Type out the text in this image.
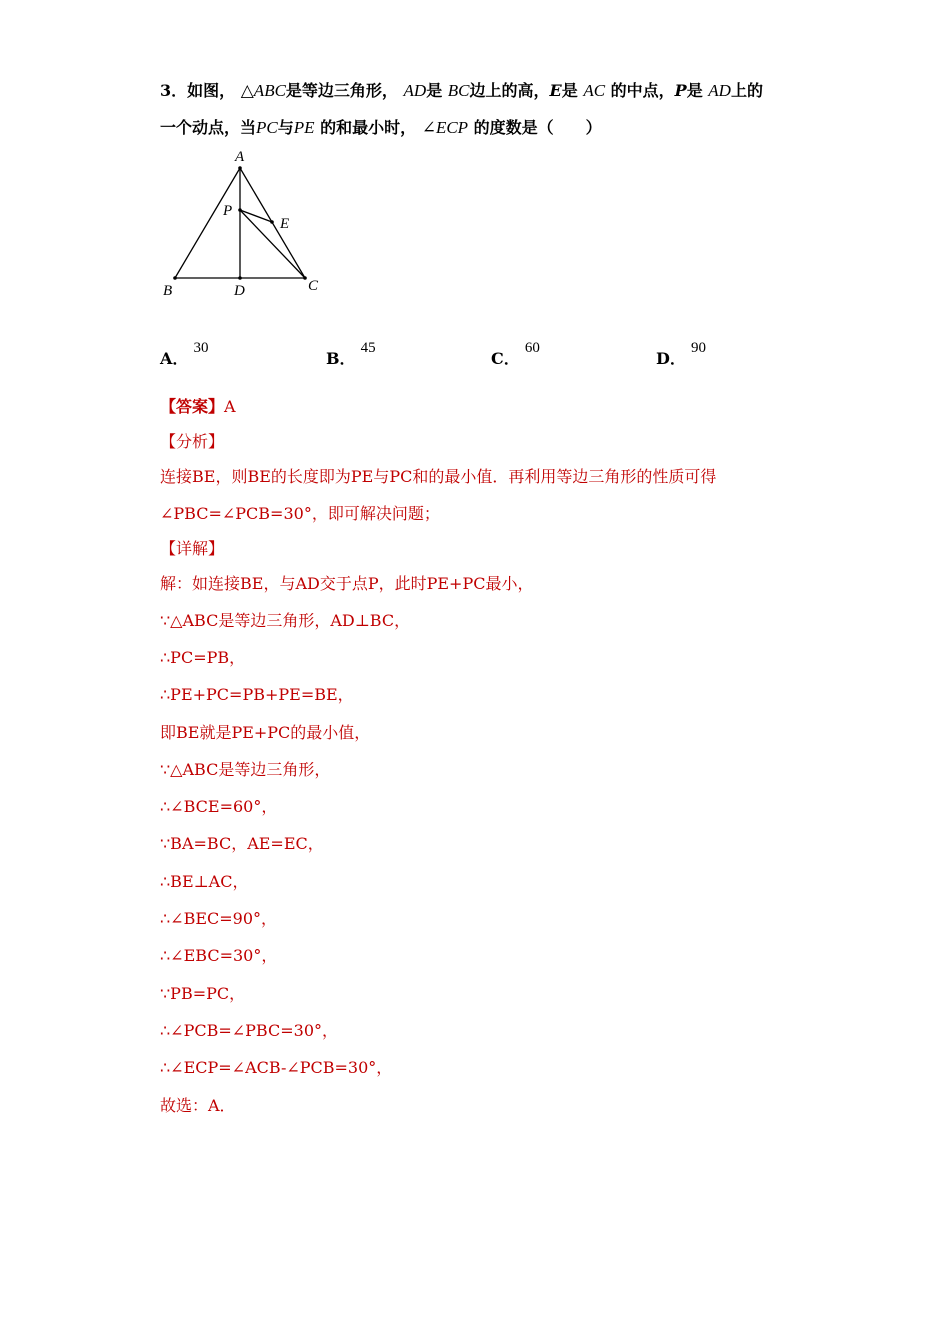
3．如图， △ABC是等边三角形， AD是 BC边上的高，E是 AC 的中点，P是 AD上的
一个动点，当PC与PE 的和最小时， ∠ECP 的度数是（　　）
A
B	C
D
E
P
A． 30
B． 45
C． 60
D． 90
【答案】A
【分析】
连接BE，则BE的长度即为PE与PC和的最小值．再利用等边三角形的性质可得
∠PBC=∠PCB=30°，即可解决问题；
【详解】
解：如连接BE，与AD交于点P，此时PE+PC最小，
∵△ABC是等边三角形，AD⊥BC，
∴PC=PB，
∴PE+PC=PB+PE=BE，
即BE就是PE+PC的最小值，
∵△ABC是等边三角形，
∴∠BCE=60°，
∵BA=BC，AE=EC，
∴BE⊥AC，
∴∠BEC=90°，
∴∠EBC=30°，
∵PB=PC，
∴∠PCB=∠PBC=30°，
∴∠ECP=∠ACB-∠PCB=30°，
故选：A．
